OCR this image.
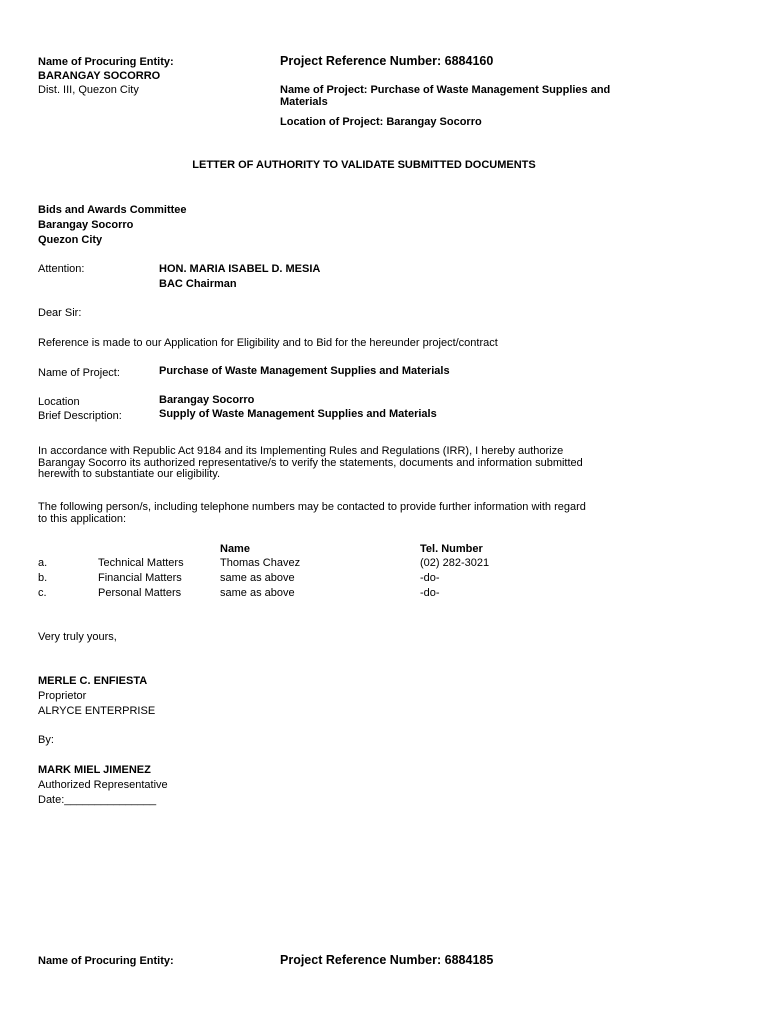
Name of Procuring Entity:
BARANGAY SOCORRO
Dist. III, Quezon City
Project Reference Number: 6884160
Name of Project: Purchase of Waste Management Supplies and
Materials
Location of Project: Barangay Socorro
LETTER OF AUTHORITY TO VALIDATE SUBMITTED DOCUMENTS
Bids and Awards Committee
Barangay Socorro
Quezon City
Attention:	HON. MARIA ISABEL D. MESIA
BAC Chairman
Dear Sir:
Reference is made to our Application for Eligibility and to Bid for the hereunder project/contract
Name of Project:	Purchase of Waste Management Supplies and Materials
Location	Barangay Socorro
Brief Description:	Supply of Waste Management Supplies and Materials
In accordance with Republic Act 9184 and its Implementing Rules and Regulations (IRR), I hereby authorize
Barangay Socorro its authorized representative/s to verify the statements, documents and information submitted
herewith to substantiate our eligibility.
The following person/s, including telephone numbers may be contacted to provide further information with regard
to this application:
Name	Tel. Number
a.	Technical Matters	Thomas Chavez	(02) 282-3021
b.	Financial Matters	same as above	-do-
c.	Personal Matters	same as above	-do-
Very truly yours,
MERLE C. ENFIESTA
Proprietor
ALRYCE ENTERPRISE
By:
MARK MIEL JIMENEZ
Authorized Representative
Date:_______________
Name of Procuring Entity:	Project Reference Number: 6884185
